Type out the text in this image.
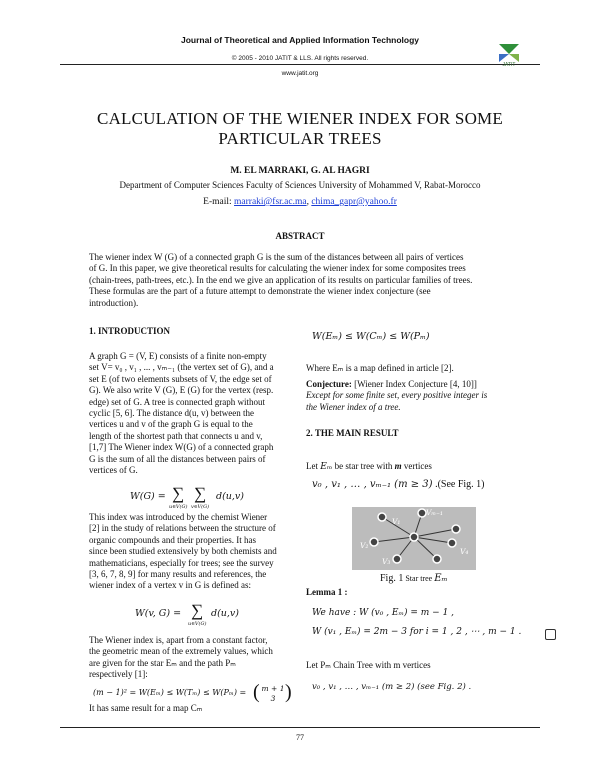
Journal of Theoretical and Applied Information Technology
© 2005 - 2010 JATIT & LLS. All rights reserved.
www.jatit.org
JATIT
CALCULATION OF THE WIENER INDEX FOR SOME
PARTICULAR TREES
M. EL MARRAKI, G. AL HAGRI
Department of Computer Sciences Faculty of Sciences University of Mohammed V, Rabat-Morocco
E-mail: marraki@fsr.ac.ma, chima_gapr@yahoo.fr
ABSTRACT
The wiener index W (G) of a connected graph G is the sum of the distances between all pairs of vertices
of G. In this paper, we give theoretical results for calculating the wiener index for some composites trees
(chain-trees, path-trees, etc.). In the end we give an application of its results on particular families of trees.
These formulas are the part of a future attempt to demonstrate the wiener index conjecture (see
introduction).
1. INTRODUCTION
A graph G = (V, E) consists of a finite non-empty
set V= v₀ , v₁ , ... , vₘ₋₁ (the vertex set of G), and a
set E (of two elements subsets of V, the edge set of
G). We also write V (G), E (G) for the vertex (resp.
edge) set of G. A tree is connected graph without
cyclic [5, 6]. The distance d(u, v) between the
vertices u and v of the graph G is equal to the
length of the shortest path that connects u and v,
[1,7] The Wiener index W(G) of a connected graph
G is the sum of all the distances between pairs of
vertices of G.
W(G) = ∑
u∈V(G)
∑
v∈V(G)
d(u,v)
This index was introduced by the chemist Wiener
[2] in the study of relations between the structure of
organic compounds and their properties. It has
since been studied extensively by both chemists and
mathematicians, especially for trees; see the survey
[3, 6, 7, 8, 9] for many results and references, the
wiener index of a vertex v in G is defined as:
W(v, G) = ∑
u∈V(G)
d(u,v)
The Wiener index is, apart from a constant factor,
the geometric mean of the extremely values, which
are given for the star Eₘ and the path Pₘ
respectively [1]:
(m − 1)² = W(Eₘ) ≤ W(Tₘ) ≤ W(Pₘ) = ( m + 1
3 )
It has same result for a map Cₘ
W(Eₘ) ≤ W(Cₘ) ≤ W(Pₘ)
Where Eₘ is a map defined in article [2].
Conjecture: [Wiener Index Conjecture [4, 10]]
Except for some finite set, every positive integer is
the Wiener index of a tree.
2. THE MAIN RESULT
Let Eₘ be star tree with m vertices
v₀ , v₁ , … , vₘ₋₁ (m ≥ 3) .(See Fig. 1)
V₁
Vₘ₋₁
V₂
V₃
V₄
Fig. 1 Star tree Eₘ
Lemma 1 :
We have : W (v₀ , Eₘ) = m − 1 ,
W (v₁ , Eₘ) = 2m − 3 for i = 1 , 2 , ⋯ , m − 1 .
Let Pₘ Chain Tree with m vertices
v₀ , v₁ , … , vₘ₋₁ (m ≥ 2) (see Fig. 2) .
77
